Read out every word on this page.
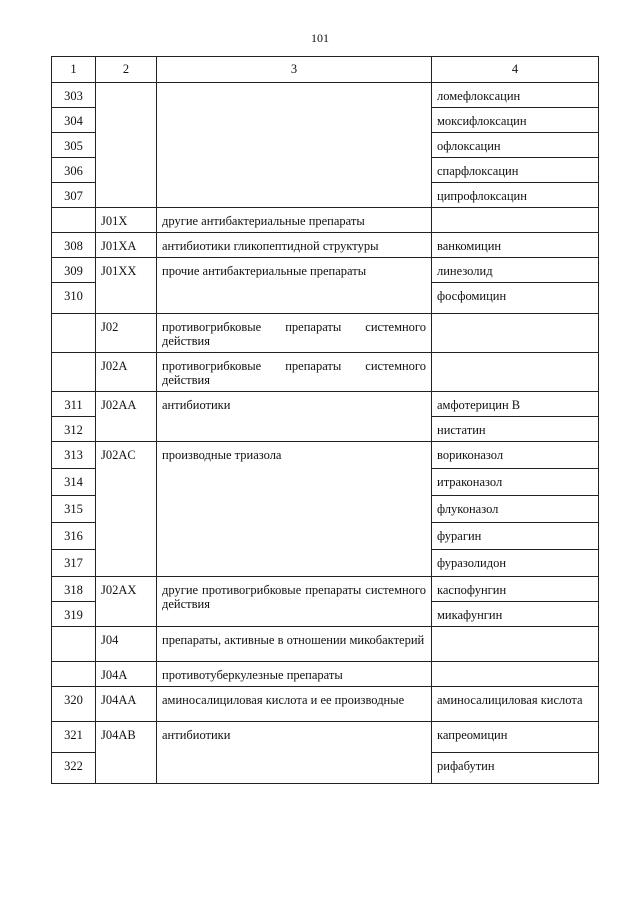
101
1	2	3	4
303			ломефлоксацин
304			моксифлоксацин
305			офлоксацин
306			спарфлоксацин
307			ципрофлоксацин
	J01X	другие антибактериальные препараты	
308	J01XA	антибиотики гликопептидной структуры	ванкомицин
309	J01XX	прочие антибактериальные препараты	линезолид
310			фосфомицин
	J02	противогрибковые препараты системного действия	
	J02A	противогрибковые препараты системного действия	
311	J02AA	антибиотики	амфотерицин B
312			нистатин
313	J02AC	производные триазола	вориконазол
314			итраконазол
315			флуконазол
316			фурагин
317			фуразолидон
318	J02AX	другие противогрибковые препараты системного действия	каспофунгин
319			микафунгин
	J04	препараты, активные в отношении микобактерий	
	J04A	противотуберкулезные препараты	
320	J04AA	аминосалициловая кислота и ее производные	аминосалициловая кислота
321	J04AB	антибиотики	капреомицин
322			рифабутин
